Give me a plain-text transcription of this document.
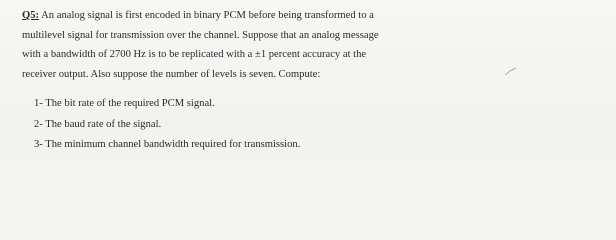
Q5: An analog signal is first encoded in binary PCM before being transformed to a
multilevel signal for transmission over the channel. Suppose that an analog message
with a bandwidth of 2700 Hz is to be replicated with a ±1 percent accuracy at the
receiver output. Also suppose the number of levels is seven. Compute:
1- The bit rate of the required PCM signal.
2- The baud rate of the signal.
3- The minimum channel bandwidth required for transmission.
